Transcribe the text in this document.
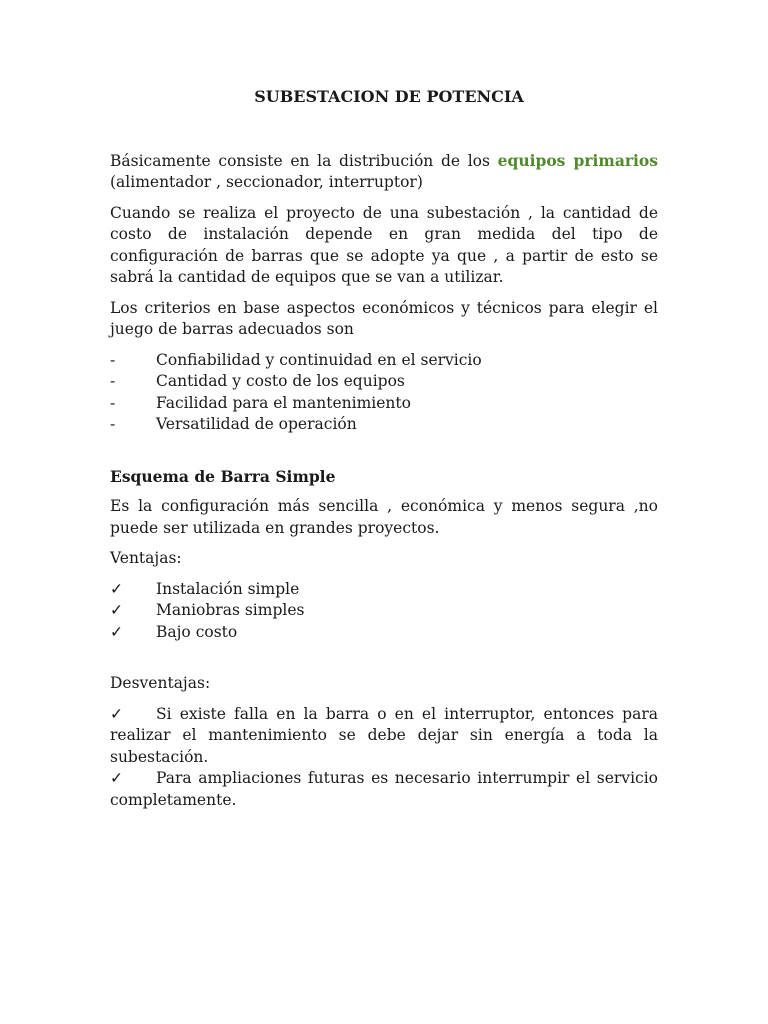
SUBESTACION DE POTENCIA

Básicamente consiste en la distribución de los equipos primarios (alimentador , seccionador, interruptor)

Cuando se realiza el proyecto de una subestación , la cantidad de costo de instalación depende en gran medida del tipo de configuración de barras que se adopte ya que , a partir de esto se sabrá la cantidad de equipos que se van a utilizar.

Los criterios en base aspectos económicos y técnicos para elegir el juego de barras adecuados son

-	Confiabilidad y continuidad en el servicio
-	Cantidad y costo de los equipos
-	Facilidad para el mantenimiento
-	Versatilidad de operación
Esquema de Barra Simple

Es la configuración más sencilla , económica y menos segura ,no puede ser utilizada en grandes proyectos.

Ventajas:
✓	Instalación simple
✓	Maniobras simples
✓	Bajo costo
Desventajas:

✓ Si existe falla en la barra o en el interruptor, entonces para realizar el mantenimiento se debe dejar sin energía a toda la subestación.

✓ Para ampliaciones futuras es necesario interrumpir el servicio completamente.
